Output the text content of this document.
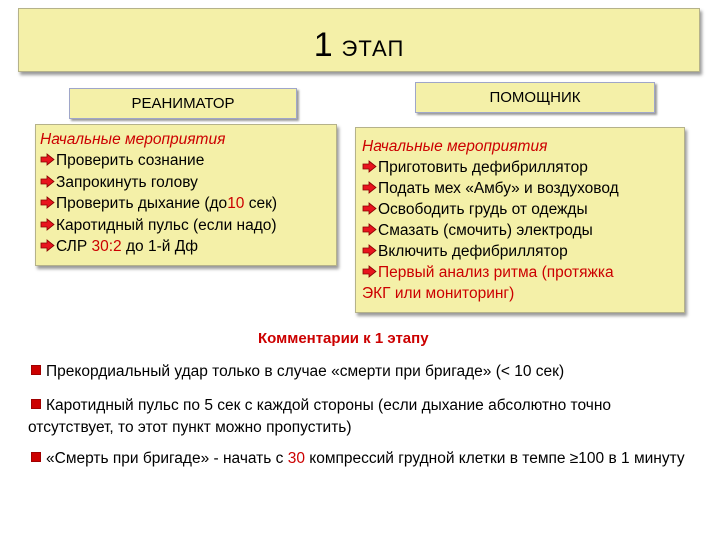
1 ЭТАП
РЕАНИМАТОР	ПОМОЩНИК
Начальные мероприятия
Проверить сознание
Запрокинуть голову
Проверить дыхание (до10 сек)
Каротидный пульс (если надо)
СЛР 30:2 до 1-й Дф
Начальные мероприятия
Приготовить дефибриллятор
Подать мех «Амбу» и воздуховод
Освободить грудь от одежды
Смазать (смочить) электроды
Включить дефибриллятор
Первый анализ ритма (протяжка
ЭКГ или мониторинг)
Комментарии к 1 этапу
Прекордиальный удар только в случае «смерти при бригаде» (< 10 сек)
Каротидный пульс по 5 сек с каждой стороны (если дыхание абсолютно точно отсутствует, то этот пункт можно пропустить)
«Смерть при бригаде» - начать с 30 компрессий грудной клетки в темпе ≥100 в 1 минуту
